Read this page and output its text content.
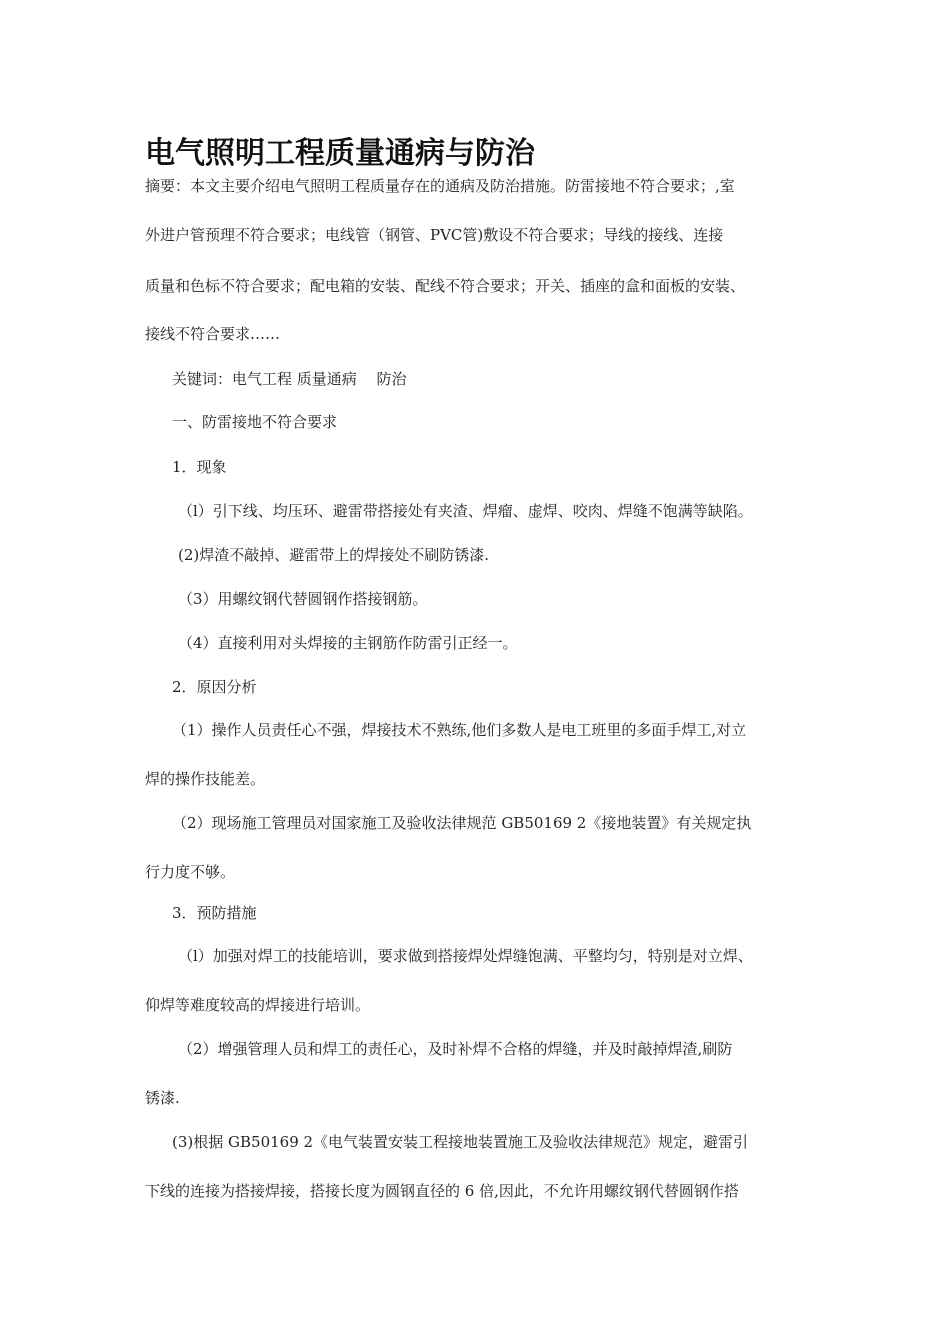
电气照明工程质量通病与防治

摘要：本文主要介绍电气照明工程质量存在的通病及防治措施。防雷接地不符合要求；,室

外进户管预理不符合要求；电线管（钢管、PVC管)敷设不符合要求；导线的接线、连接

质量和色标不符合要求；配电箱的安装、配线不符合要求；开关、插座的盒和面板的安装、

接线不符合要求……

关键词：电气工程 质量通病　 防治

一、防雷接地不符合要求

1．现象

（l）引下线、均压环、避雷带搭接处有夹渣、焊瘤、虚焊、咬肉、焊缝不饱满等缺陷。

(2)焊渣不敲掉、避雷带上的焊接处不刷防锈漆.

（3）用螺纹钢代替圆钢作搭接钢筋。

（4）直接利用对头焊接的主钢筋作防雷引正经一。

2．原因分析

（1）操作人员责任心不强，焊接技术不熟练,他们多数人是电工班里的多面手焊工,对立

焊的操作技能差。

（2）现场施工管理员对国家施工及验收法律规范 GB50169 2《接地装置》有关规定执

行力度不够。

3．预防措施

（l）加强对焊工的技能培训，要求做到搭接焊处焊缝饱满、平整均匀，特别是对立焊、

仰焊等难度较高的焊接进行培训。

（2）增强管理人员和焊工的责任心，及时补焊不合格的焊缝，并及时敲掉焊渣,刷防

锈漆.

(3)根据 GB50169 2《电气装置安装工程接地装置施工及验收法律规范》规定，避雷引

下线的连接为搭接焊接，搭接长度为圆钢直径的 6 倍,因此，不允许用螺纹钢代替圆钢作搭
